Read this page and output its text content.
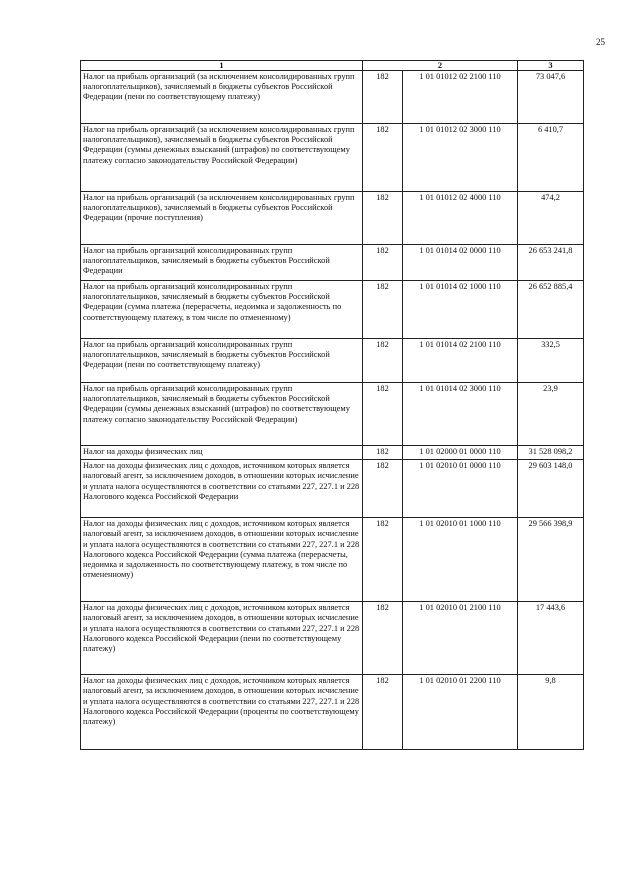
25
1	2		3
Налог на прибыль организаций (за исключением консолидированных групп налогоплательщиков), зачисляемый в бюджеты субъектов Российской Федерации (пени по соответствующему платежу)	182	1 01 01012 02 2100 110	73 047,6
Налог на прибыль организаций (за исключением консолидированных групп налогоплательщиков), зачисляемый в бюджеты субъектов Российской Федерации (суммы денежных взысканий (штрафов) по соответствующему платежу согласно законодательству Российской Федерации)	182	1 01 01012 02 3000 110	6 410,7
Налог на прибыль организаций (за исключением консолидированных групп налогоплательщиков), зачисляемый в бюджеты субъектов Российской Федерации (прочие поступления)	182	1 01 01012 02 4000 110	474,2
Налог на прибыль организаций консолидированных групп налогоплательщиков, зачисляемый в бюджеты субъектов Российской Федерации	182	1 01 01014 02 0000 110	26 653 241,8
Налог на прибыль организаций консолидированных групп налогоплательщиков, зачисляемый в бюджеты субъектов Российской Федерации (сумма платежа (перерасчеты, недоимка и задолженность по соответствующему платежу, в том числе по отмененному)	182	1 01 01014 02 1000 110	26 652 885,4
Налог на прибыль организаций консолидированных групп налогоплательщиков, зачисляемый в бюджеты субъектов Российской Федерации (пени по соответствующему платежу)	182	1 01 01014 02 2100 110	332,5
Налог на прибыль организаций консолидированных групп налогоплательщиков, зачисляемый в бюджеты субъектов Российской Федерации (суммы денежных взысканий (штрафов) по соответствующему платежу согласно законодательству Российской Федерации)	182	1 01 01014 02 3000 110	23,9
Налог на доходы физических лиц	182	1 01 02000 01 0000 110	31 528 098,2
Налог на доходы физических лиц с доходов, источником которых является налоговый агент, за исключением доходов, в отношении которых исчисление и уплата налога осуществляются в соответствии со статьями 227, 227.1 и 228 Налогового кодекса Российской Федерации	182	1 01 02010 01 0000 110	29 603 148,0
Налог на доходы физических лиц с доходов, источником которых является налоговый агент, за исключением доходов, в отношении которых исчисление и уплата налога осуществляются в соответствии со статьями 227, 227.1 и 228 Налогового кодекса Российской Федерации (сумма платежа (перерасчеты, недоимка и задолженность по соответствующему платежу, в том числе по отмененному)	182	1 01 02010 01 1000 110	29 566 398,9
Налог на доходы физических лиц с доходов, источником которых является налоговый агент, за исключением доходов, в отношении которых исчисление и уплата налога осуществляются в соответствии со статьями 227, 227.1 и 228 Налогового кодекса Российской Федерации (пени по соответствующему платежу)	182	1 01 02010 01 2100 110	17 443,6
Налог на доходы физических лиц с доходов, источником которых является налоговый агент, за исключением доходов, в отношении которых исчисление и уплата налога осуществляются в соответствии со статьями 227, 227.1 и 228 Налогового кодекса Российской Федерации (проценты по соответствующему платежу)	182	1 01 02010 01 2200 110	9,8
